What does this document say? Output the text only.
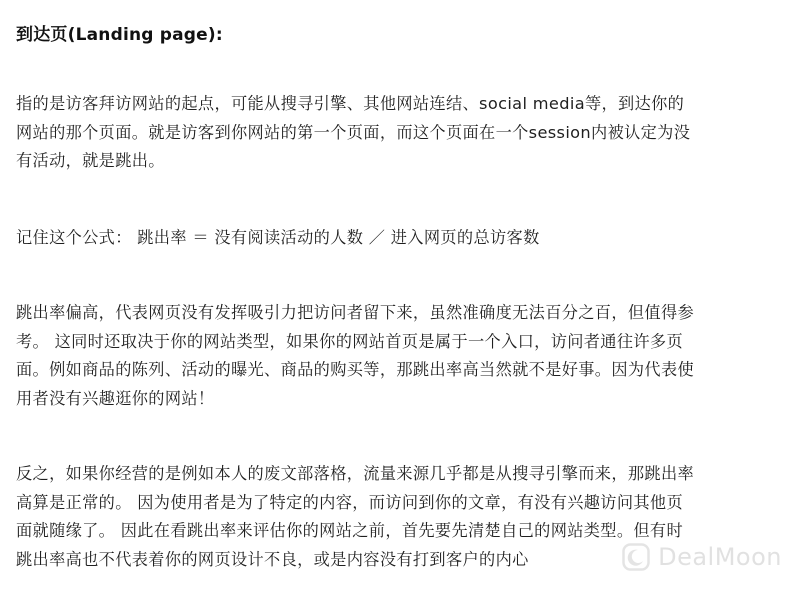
到达页(Landing page):
指的是访客拜访网站的起点，可能从搜寻引擎、其他网站连结、social media等，到达你的
网站的那个页面。就是访客到你网站的第一个页面，而这个页面在一个session内被认定为没
有活动，就是跳出。
记住这个公式： 跳出率 ＝ 没有阅读活动的人数 ／ 进入网页的总访客数
跳出率偏高，代表网页没有发挥吸引力把访问者留下来，虽然准确度无法百分之百，但值得参
考。 这同时还取决于你的网站类型，如果你的网站首页是属于一个入口，访问者通往许多页
面。例如商品的陈列、活动的曝光、商品的购买等，那跳出率高当然就不是好事。因为代表使
用者没有兴趣逛你的网站！
反之，如果你经营的是例如本人的废文部落格，流量来源几乎都是从搜寻引擎而来，那跳出率
高算是正常的。 因为使用者是为了特定的内容，而访问到你的文章，有没有兴趣访问其他页
面就随缘了。 因此在看跳出率来评估你的网站之前，首先要先清楚自己的网站类型。但有时
跳出率高也不代表着你的网页设计不良，或是内容没有打到客户的内心	DealMoon
